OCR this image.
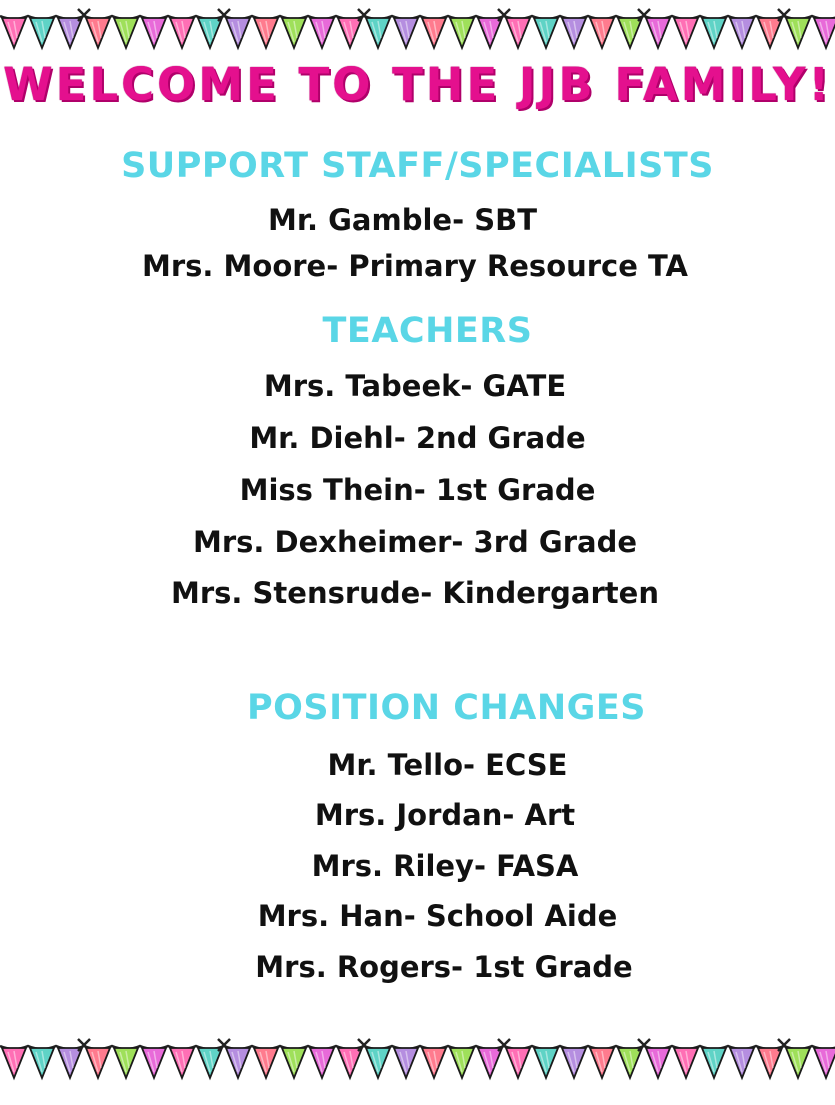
WELCOME TO THE JJB FAMILY!
SUPPORT STAFF/SPECIALISTS
Mr. Gamble- SBT
Mrs. Moore- Primary Resource TA
TEACHERS
Mrs. Tabeek- GATE
Mr. Diehl- 2nd Grade
Miss Thein- 1st Grade
Mrs. Dexheimer- 3rd Grade
Mrs. Stensrude- Kindergarten
POSITION CHANGES
Mr. Tello- ECSE
Mrs. Jordan- Art
Mrs. Riley- FASA
Mrs. Han- School Aide
Mrs. Rogers- 1st Grade
